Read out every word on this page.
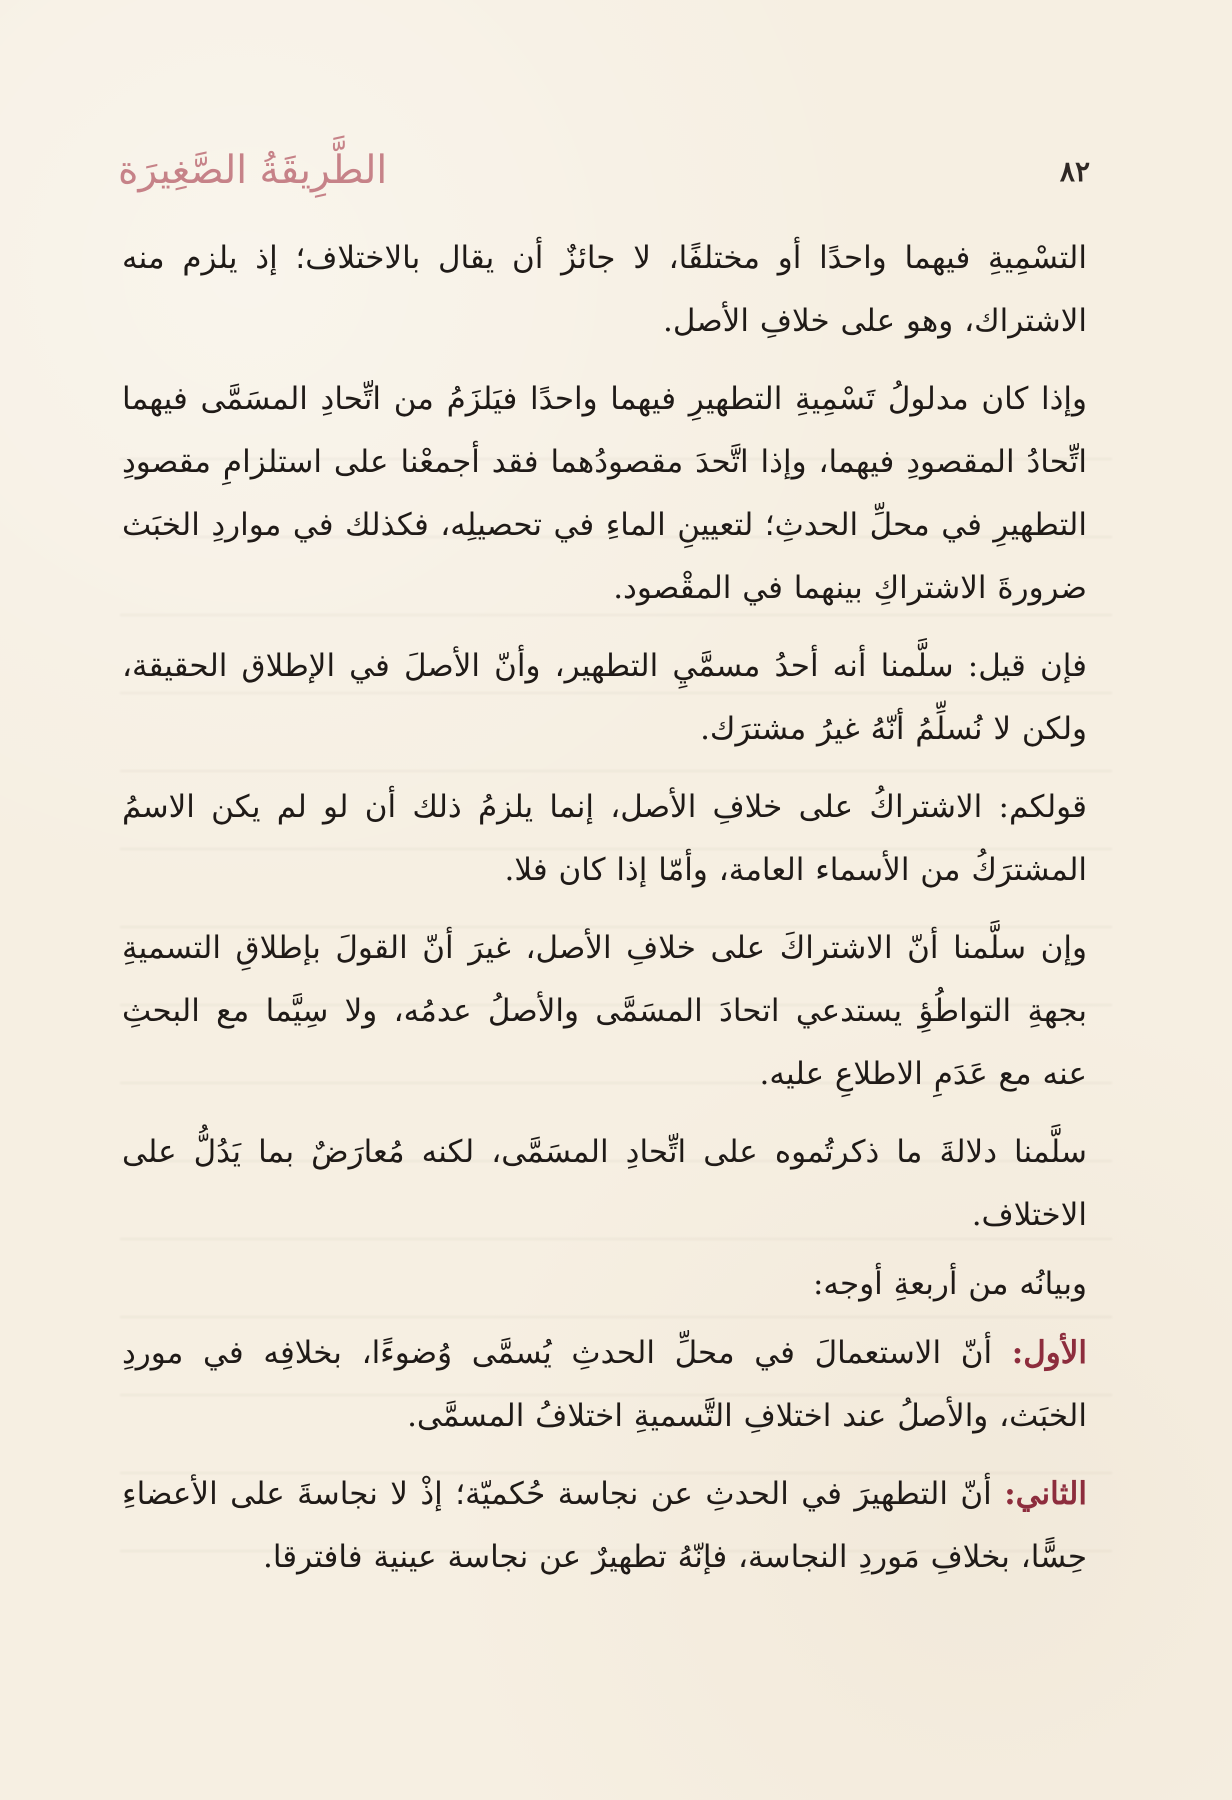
٨٢
الطَّرِيقَةُ الصَّغِيرَة

التسْمِيةِ فيهما واحدًا أو مختلفًا، لا جائزٌ أن يقال بالاختلاف؛ إذ يلزم منه الاشتراك، وهو على خلافِ الأصل.

وإذا كان مدلولُ تَسْمِيةِ التطهيرِ فيهما واحدًا فيَلزَمُ من اتِّحادِ المسَمَّى فيهما اتِّحادُ المقصودِ فيهما، وإذا اتَّحدَ مقصودُهما فقد أجمعْنا على استلزامِ مقصودِ التطهيرِ في محلِّ الحدثِ؛ لتعيينِ الماءِ في تحصيلِه، فكذلك في مواردِ الخبَث ضرورةَ الاشتراكِ بينهما في المقْصود.

فإن قيل: سلَّمنا أنه أحدُ مسمَّيِ التطهير، وأنّ الأصلَ في الإطلاق الحقيقة، ولكن لا نُسلِّمُ أنّهُ غيرُ مشترَك.

قولكم: الاشتراكُ على خلافِ الأصل، إنما يلزمُ ذلك أن لو لم يكن الاسمُ المشترَكُ من الأسماء العامة، وأمّا إذا كان فلا.

وإن سلَّمنا أنّ الاشتراكَ على خلافِ الأصل، غيرَ أنّ القولَ بإطلاقِ التسميةِ بجهةِ التواطُؤِ يستدعي اتحادَ المسَمَّى والأصلُ عدمُه، ولا سِيَّما مع البحثِ عنه مع عَدَمِ الاطلاعِ عليه.

سلَّمنا دلالةَ ما ذكرتُموه على اتِّحادِ المسَمَّى، لكنه مُعارَضٌ بما يَدُلُّ على الاختلاف.

وبيانُه من أربعةِ أوجه:

الأول: أنّ الاستعمالَ في محلِّ الحدثِ يُسمَّى وُضوءًا، بخلافِه في موردِ الخبَث، والأصلُ عند اختلافِ التَّسميةِ اختلافُ المسمَّى.

الثاني: أنّ التطهيرَ في الحدثِ عن نجاسة حُكميّة؛ إذْ لا نجاسةَ على الأعضاءِ حِسًّا، بخلافِ مَوردِ النجاسة، فإنّهُ تطهيرٌ عن نجاسة عينية فافترقا.
